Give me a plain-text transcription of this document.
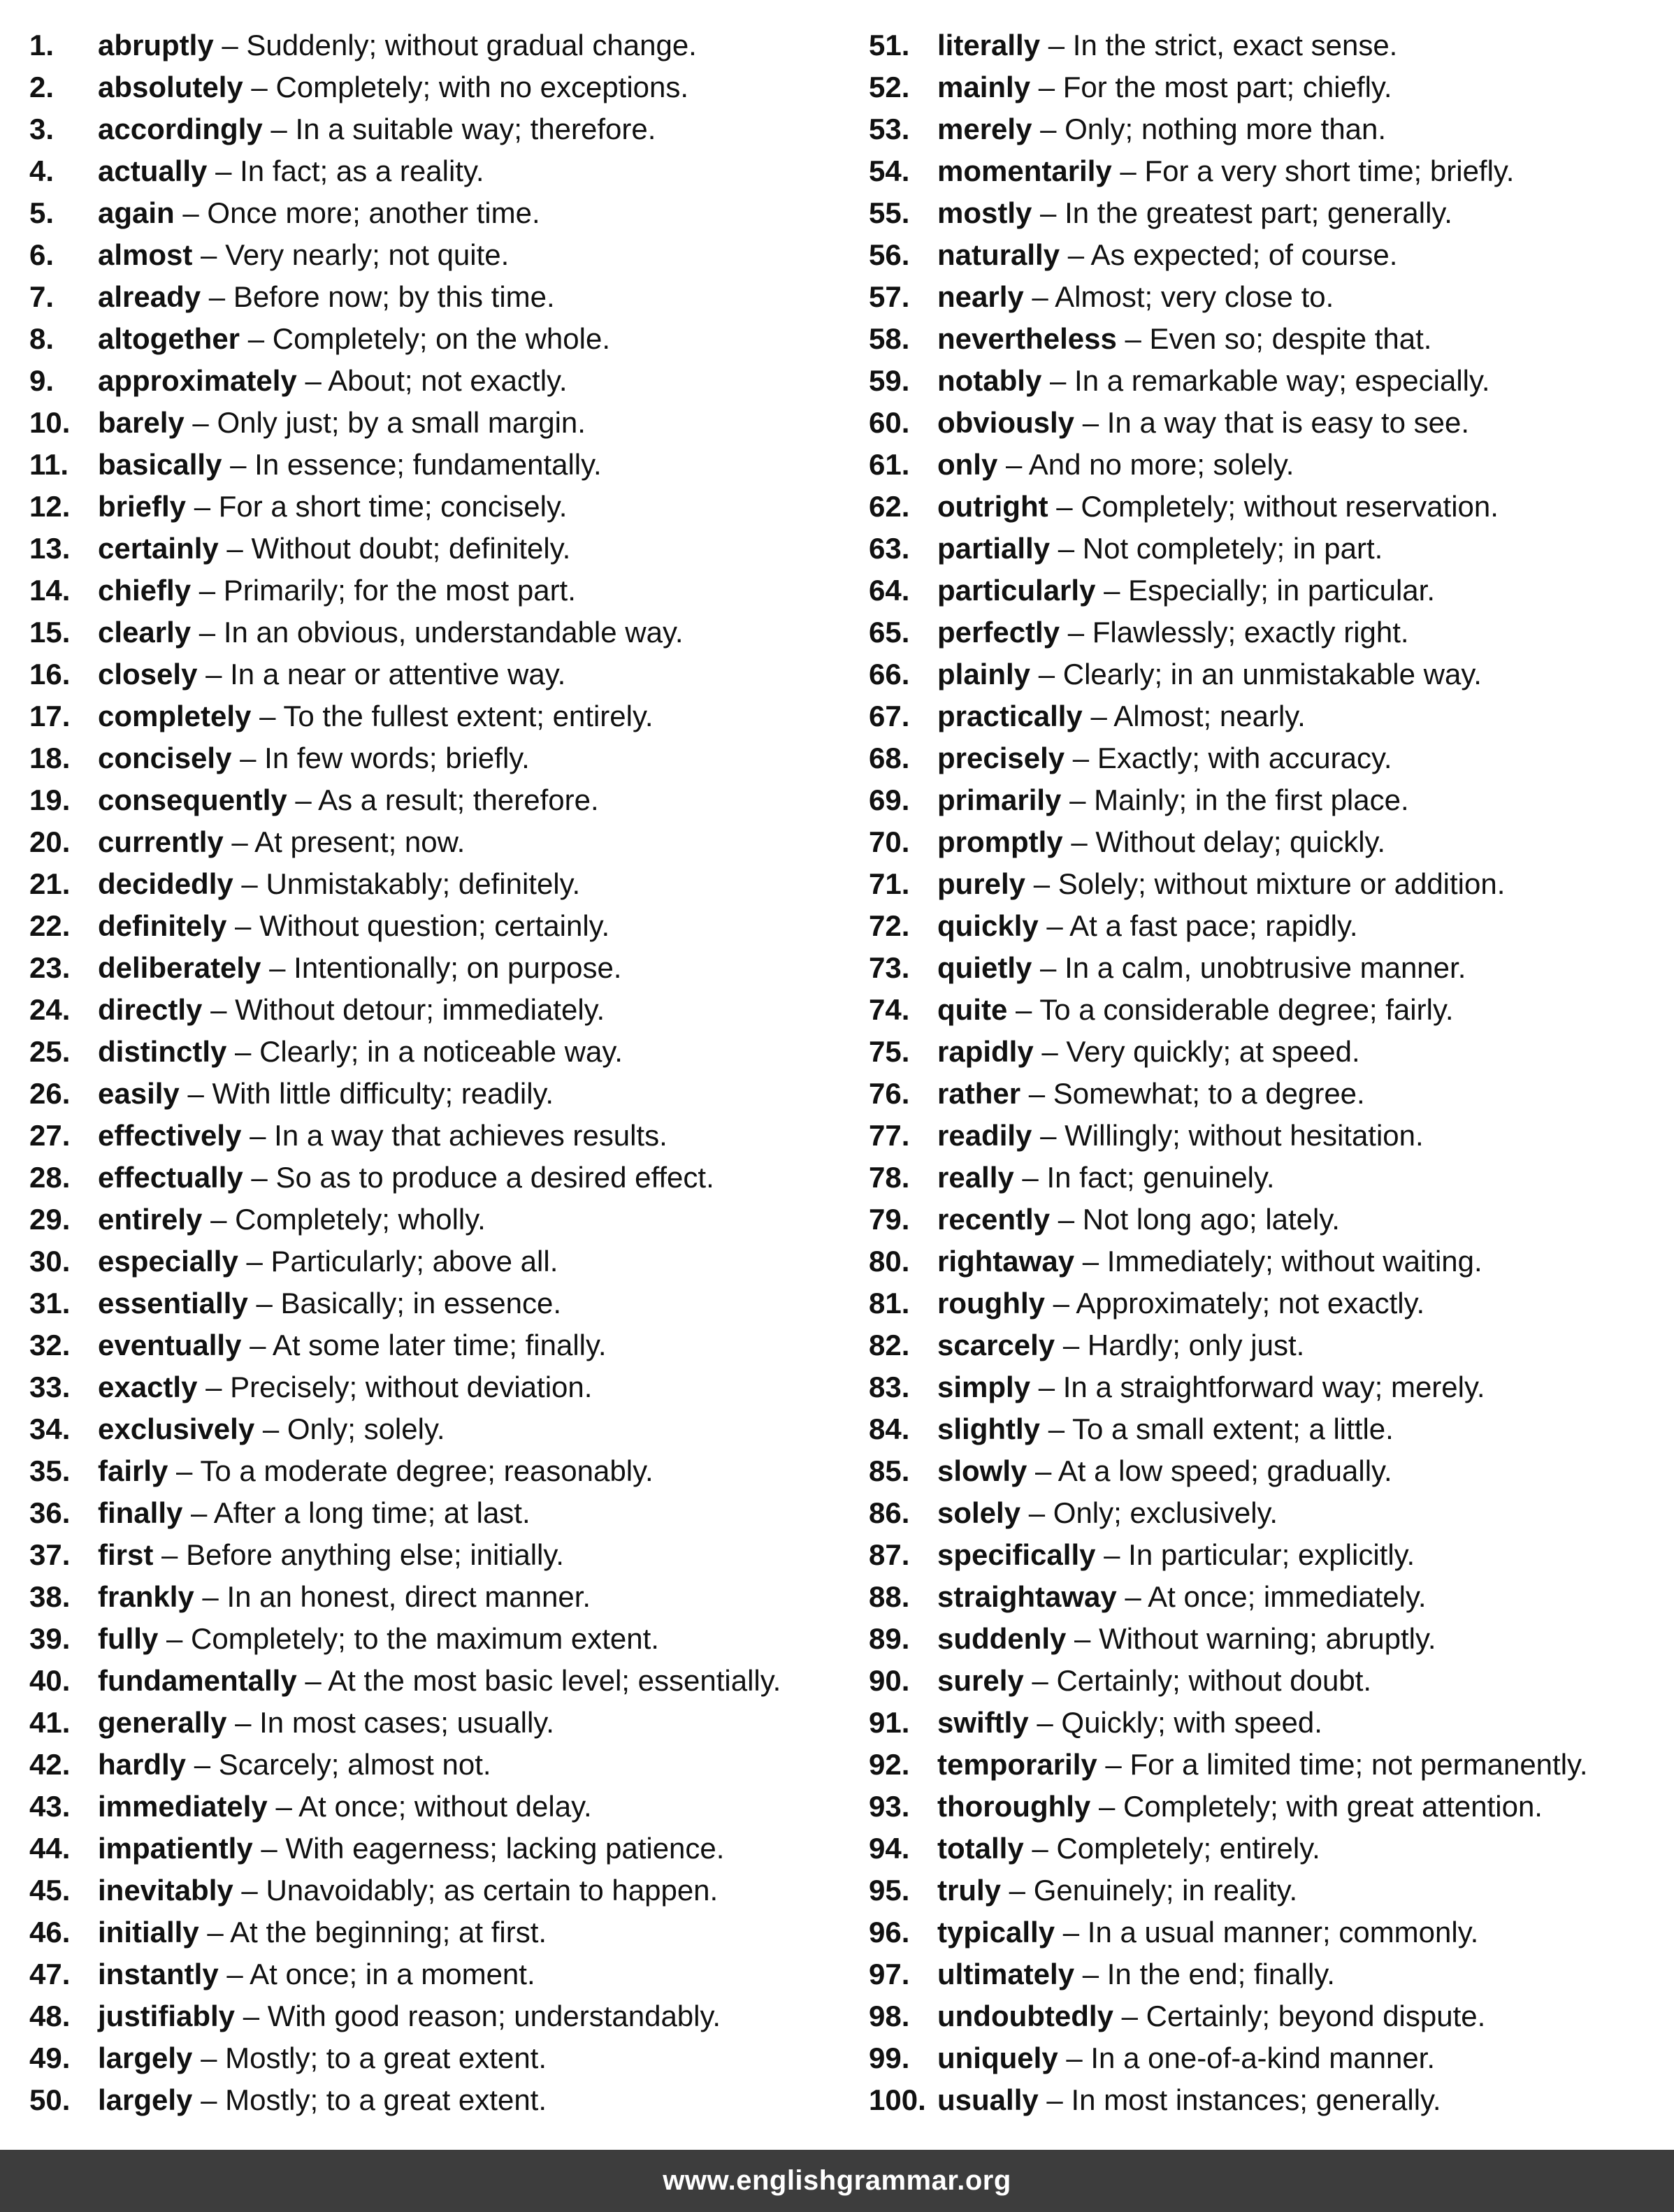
1.	abruptly – Suddenly; without gradual change.
2.	absolutely – Completely; with no exceptions.
3.	accordingly – In a suitable way; therefore.
4.	actually – In fact; as a reality.
5.	again – Once more; another time.
6.	almost – Very nearly; not quite.
7.	already – Before now; by this time.
8.	altogether – Completely; on the whole.
9.	approximately – About; not exactly.
10. barely – Only just; by a small margin.
11. basically – In essence; fundamentally.
12. briefly – For a short time; concisely.
13. certainly – Without doubt; definitely.
14. chiefly – Primarily; for the most part.
15. clearly – In an obvious, understandable way.
16. closely – In a near or attentive way.
17. completely – To the fullest extent; entirely.
18. concisely – In few words; briefly.
19. consequently – As a result; therefore.
20. currently – At present; now.
21. decidedly – Unmistakably; definitely.
22. definitely – Without question; certainly.
23. deliberately – Intentionally; on purpose.
24. directly – Without detour; immediately.
25. distinctly – Clearly; in a noticeable way.
26. easily – With little difficulty; readily.
27. effectively – In a way that achieves results.
28. effectually – So as to produce a desired effect.
29. entirely – Completely; wholly.
30. especially – Particularly; above all.
31. essentially – Basically; in essence.
32. eventually – At some later time; finally.
33. exactly – Precisely; without deviation.
34. exclusively – Only; solely.
35. fairly – To a moderate degree; reasonably.
36. finally – After a long time; at last.
37. first – Before anything else; initially.
38. frankly – In an honest, direct manner.
39. fully – Completely; to the maximum extent.
40. fundamentally – At the most basic level; essentially.
41. generally – In most cases; usually.
42. hardly – Scarcely; almost not.
43. immediately – At once; without delay.
44. impatiently – With eagerness; lacking patience.
45. inevitably – Unavoidably; as certain to happen.
46. initially – At the beginning; at first.
47. instantly – At once; in a moment.
48. justifiably – With good reason; understandably.
49. largely – Mostly; to a great extent.
50. largely – Mostly; to a great extent.
51. literally – In the strict, exact sense.
52. mainly – For the most part; chiefly.
53. merely – Only; nothing more than.
54. momentarily – For a very short time; briefly.
55. mostly – In the greatest part; generally.
56. naturally – As expected; of course.
57. nearly – Almost; very close to.
58. nevertheless – Even so; despite that.
59. notably – In a remarkable way; especially.
60. obviously – In a way that is easy to see.
61. only – And no more; solely.
62. outright – Completely; without reservation.
63. partially – Not completely; in part.
64. particularly – Especially; in particular.
65. perfectly – Flawlessly; exactly right.
66. plainly – Clearly; in an unmistakable way.
67. practically – Almost; nearly.
68. precisely – Exactly; with accuracy.
69. primarily – Mainly; in the first place.
70. promptly – Without delay; quickly.
71. purely – Solely; without mixture or addition.
72. quickly – At a fast pace; rapidly.
73. quietly – In a calm, unobtrusive manner.
74. quite – To a considerable degree; fairly.
75. rapidly – Very quickly; at speed.
76. rather – Somewhat; to a degree.
77. readily – Willingly; without hesitation.
78. really – In fact; genuinely.
79. recently – Not long ago; lately.
80. rightaway – Immediately; without waiting.
81. roughly – Approximately; not exactly.
82. scarcely – Hardly; only just.
83. simply – In a straightforward way; merely.
84. slightly – To a small extent; a little.
85. slowly – At a low speed; gradually.
86. solely – Only; exclusively.
87. specifically – In particular; explicitly.
88. straightaway – At once; immediately.
89. suddenly – Without warning; abruptly.
90. surely – Certainly; without doubt.
91. swiftly – Quickly; with speed.
92. temporarily – For a limited time; not permanently.
93. thoroughly – Completely; with great attention.
94. totally – Completely; entirely.
95. truly – Genuinely; in reality.
96. typically – In a usual manner; commonly.
97. ultimately – In the end; finally.
98. undoubtedly – Certainly; beyond dispute.
99. uniquely – In a one-of-a-kind manner.
100. usually – In most instances; generally.
www.englishgrammar.org
